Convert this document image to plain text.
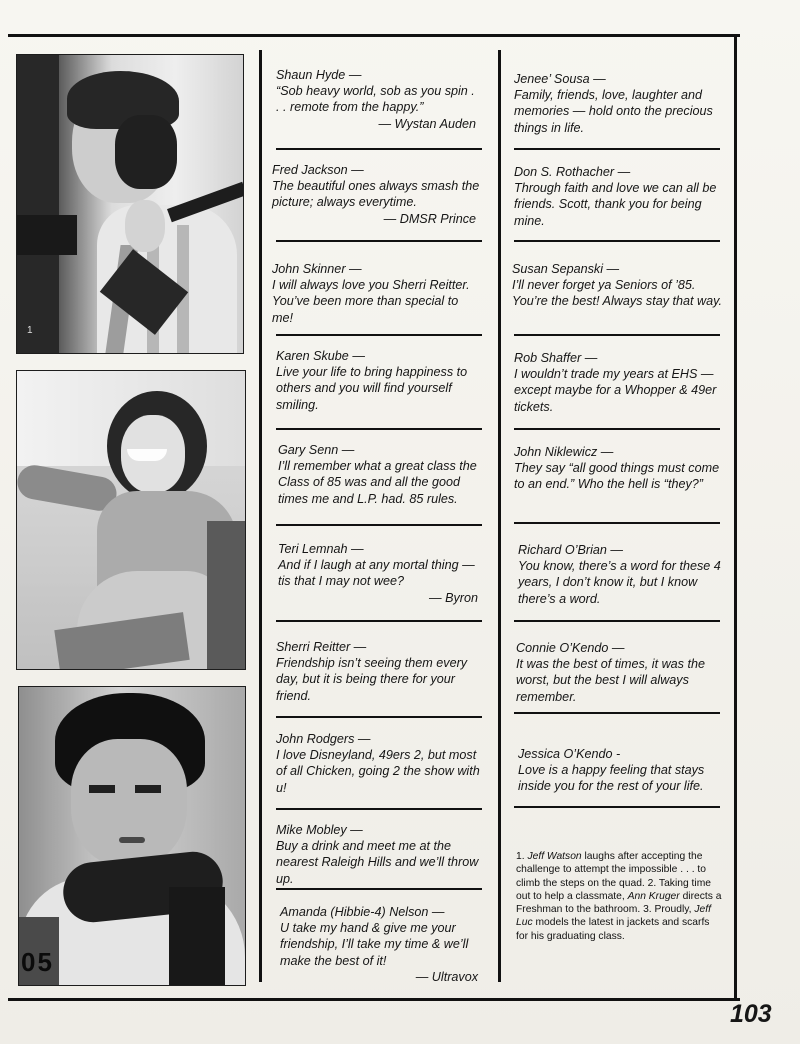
1
05
Shaun Hyde —
“Sob heavy world, sob as you spin . . . remote from the happy.”
— Wystan Auden
Fred Jackson —
The beautiful ones always smash the picture; always everytime.
— DMSR Prince
John Skinner —
I will always love you Sherri Reitter. You’ve been more than special to me!
Karen Skube —
Live your life to bring happiness to others and you will find yourself smiling.
Gary Senn —
I’ll remember what a great class the Class of 85 was and all the good times me and L.P. had. 85 rules.
Teri Lemnah —
And if I laugh at any mortal thing — tis that I may not wee?
— Byron
Sherri Reitter —
Friendship isn’t seeing them every day, but it is being there for your friend.
John Rodgers —
I love Disneyland, 49ers 2, but most of all Chicken, going 2 the show with u!
Mike Mobley —
Buy a drink and meet me at the nearest Raleigh Hills and we’ll throw up.
Amanda (Hibbie-4) Nelson —
U take my hand & give me your friendship, I’ll take my time & we’ll make the best of it!
— Ultravox
Jenee’ Sousa —
Family, friends, love, laughter and memories — hold onto the precious things in life.
Don S. Rothacher —
Through faith and love we can all be friends. Scott, thank you for being mine.
Susan Sepanski —
I’ll never forget ya Seniors of ’85. You’re the best! Always stay that way.
Rob Shaffer —
I wouldn’t trade my years at EHS — except maybe for a Whopper & 49er tickets.
John Niklewicz —
They say “all good things must come to an end.” Who the hell is “they?”
Richard O’Brian —
You know, there’s a word for these 4 years, I don’t know it, but I know there’s a word.
Connie O’Kendo —
It was the best of times, it was the worst, but the best I will always remember.
Jessica O’Kendo -
Love is a happy feeling that stays inside you for the rest of your life.
1. Jeff Watson laughs after accepting the challenge to attempt the impossible . . . to climb the steps on the quad. 2. Taking time out to help a classmate, Ann Kruger directs a Freshman to the bathroom. 3. Proudly, Jeff Luc models the latest in jackets and scarfs for his graduating class.
103
